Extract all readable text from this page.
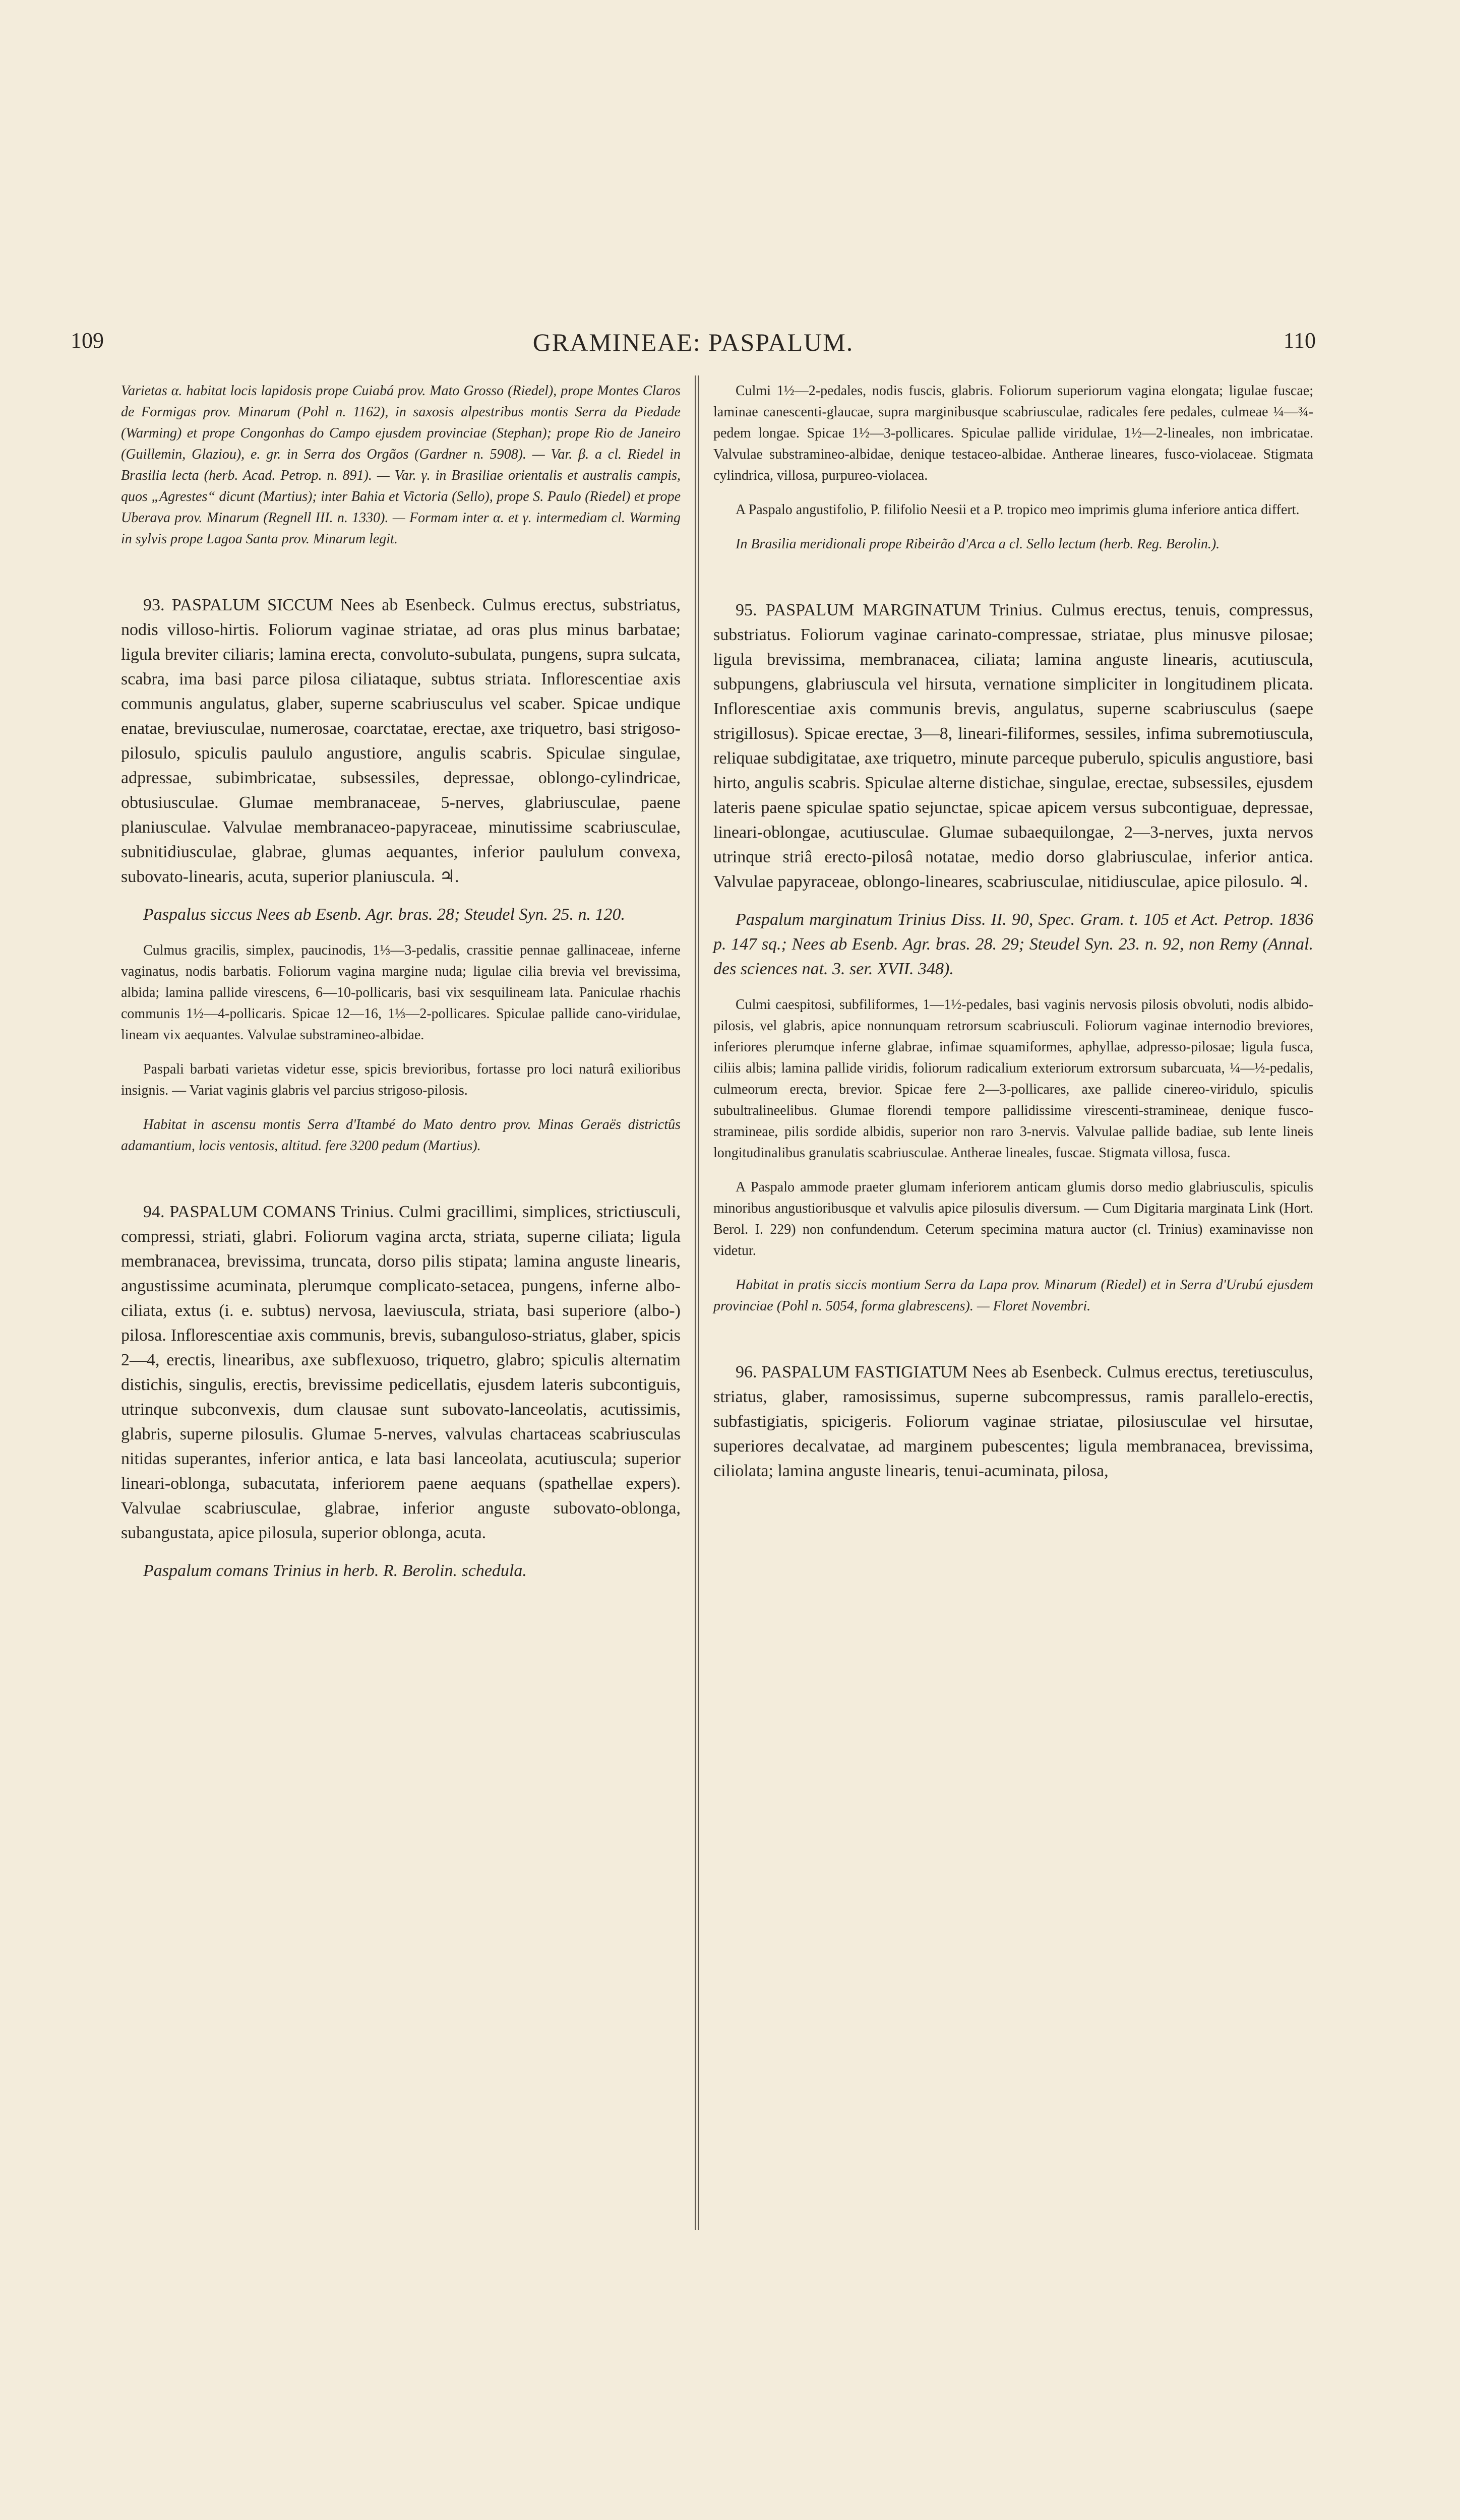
109	GRAMINEAE: PASPALUM.	110

Varietas α. habitat locis lapidosis prope Cuiabá prov. Mato Grosso (Riedel), prope Montes Claros de Formigas prov. Minarum (Pohl n. 1162), in saxosis alpestribus montis Serra da Piedade (Warming) et prope Congonhas do Campo ejusdem provinciae (Stephan); prope Rio de Janeiro (Guillemin, Glaziou), e. gr. in Serra dos Orgãos (Gardner n. 5908). — Var. β. a cl. Riedel in Brasilia lecta (herb. Acad. Petrop. n. 891). — Var. γ. in Brasiliae orientalis et australis campis, quos „Agrestes“ dicunt (Martius); inter Bahia et Victoria (Sello), prope S. Paulo (Riedel) et prope Uberava prov. Minarum (Regnell III. n. 1330). — Formam inter α. et γ. intermediam cl. Warming in sylvis prope Lagoa Santa prov. Minarum legit.

93. PASPALUM SICCUM Nees ab Esenbeck. Culmus erectus, substriatus, nodis villoso-hirtis. Foliorum vaginae striatae, ad oras plus minus barbatae; ligula breviter ciliaris; lamina erecta, convoluto-subulata, pungens, supra sulcata, scabra, ima basi parce pilosa ciliataque, subtus striata. Inflorescentiae axis communis angulatus, glaber, superne scabriusculus vel scaber. Spicae undique enatae, breviusculae, numerosae, coarctatae, erectae, axe triquetro, basi strigoso-pilosulo, spiculis paululo angustiore, angulis scabris. Spiculae singulae, adpressae, subimbricatae, subsessiles, depressae, oblongo-cylindricae, obtusiusculae. Glumae membranaceae, 5-nerves, glabriusculae, paene planiusculae. Valvulae membranaceo-papyraceae, minutissime scabriusculae, subnitidiusculae, glabrae, glumas aequantes, inferior paululum convexa, subovato-linearis, acuta, superior planiuscula. ♃.

Paspalus siccus Nees ab Esenb. Agr. bras. 28; Steudel Syn. 25. n. 120.

Culmus gracilis, simplex, paucinodis, 1⅓—3-pedalis, crassitie pennae gallinaceae, inferne vaginatus, nodis barbatis. Foliorum vagina margine nuda; ligulae cilia brevia vel brevissima, albida; lamina pallide virescens, 6—10-pollicaris, basi vix sesquilineam lata. Paniculae rhachis communis 1½—4-pollicaris. Spicae 12—16, 1⅓—2-pollicares. Spiculae pallide cano-viridulae, lineam vix aequantes. Valvulae substramineo-albidae.

Paspali barbati varietas videtur esse, spicis brevioribus, fortasse pro loci naturâ exilioribus insignis. — Variat vaginis glabris vel parcius strigoso-pilosis.

Habitat in ascensu montis Serra d'Itambé do Mato dentro prov. Minas Geraës districtûs adamantium, locis ventosis, altitud. fere 3200 pedum (Martius).

94. PASPALUM COMANS Trinius. Culmi gracillimi, simplices, strictiusculi, compressi, striati, glabri. Foliorum vagina arcta, striata, superne ciliata; ligula membranacea, brevissima, truncata, dorso pilis stipata; lamina anguste linearis, angustissime acuminata, plerumque complicato-setacea, pungens, inferne albo-ciliata, extus (i. e. subtus) nervosa, laeviuscula, striata, basi superiore (albo-) pilosa. Inflorescentiae axis communis, brevis, subanguloso-striatus, glaber, spicis 2—4, erectis, linearibus, axe subflexuoso, triquetro, glabro; spiculis alternatim distichis, singulis, erectis, brevissime pedicellatis, ejusdem lateris subcontiguis, utrinque subconvexis, dum clausae sunt subovato-lanceolatis, acutissimis, glabris, superne pilosulis. Glumae 5-nerves, valvulas chartaceas scabriusculas nitidas superantes, inferior antica, e lata basi lanceolata, acutiuscula; superior lineari-oblonga, subacutata, inferiorem paene aequans (spathellae expers). Valvulae scabriusculae, glabrae, inferior anguste subovato-oblonga, subangustata, apice pilosula, superior oblonga, acuta.

Paspalum comans Trinius in herb. R. Berolin. schedula.

Culmi 1½—2-pedales, nodis fuscis, glabris. Foliorum superiorum vagina elongata; ligulae fuscae; laminae canescenti-glaucae, supra marginibusque scabriusculae, radicales fere pedales, culmeae ¼—¾-pedem longae. Spicae 1½—3-pollicares. Spiculae pallide viridulae, 1½—2-lineales, non imbricatae. Valvulae substramineo-albidae, denique testaceo-albidae. Antherae lineares, fusco-violaceae. Stigmata cylindrica, villosa, purpureo-violacea.

A Paspalo angustifolio, P. filifolio Neesii et a P. tropico meo imprimis gluma inferiore antica differt.

In Brasilia meridionali prope Ribeirão d'Arca a cl. Sello lectum (herb. Reg. Berolin.).

95. PASPALUM MARGINATUM Trinius. Culmus erectus, tenuis, compressus, substriatus. Foliorum vaginae carinato-compressae, striatae, plus minusve pilosae; ligula brevissima, membranacea, ciliata; lamina anguste linearis, acutiuscula, subpungens, glabriuscula vel hirsuta, vernatione simpliciter in longitudinem plicata. Inflorescentiae axis communis brevis, angulatus, superne scabriusculus (saepe strigillosus). Spicae erectae, 3—8, lineari-filiformes, sessiles, infima subremotiuscula, reliquae subdigitatae, axe triquetro, minute parceque puberulo, spiculis angustiore, basi hirto, angulis scabris. Spiculae alterne distichae, singulae, erectae, subsessiles, ejusdem lateris paene spiculae spatio sejunctae, spicae apicem versus subcontiguae, depressae, lineari-oblongae, acutiusculae. Glumae subaequilongae, 2—3-nerves, juxta nervos utrinque striâ erecto-pilosâ notatae, medio dorso glabriusculae, inferior antica. Valvulae papyraceae, oblongo-lineares, scabriusculae, nitidiusculae, apice pilosulo. ♃.

Paspalum marginatum Trinius Diss. II. 90, Spec. Gram. t. 105 et Act. Petrop. 1836 p. 147 sq.; Nees ab Esenb. Agr. bras. 28. 29; Steudel Syn. 23. n. 92, non Remy (Annal. des sciences nat. 3. ser. XVII. 348).

Culmi caespitosi, subfiliformes, 1—1½-pedales, basi vaginis nervosis pilosis obvoluti, nodis albido-pilosis, vel glabris, apice nonnunquam retrorsum scabriusculi. Foliorum vaginae internodio breviores, inferiores plerumque inferne glabrae, infimae squamiformes, aphyllae, adpresso-pilosae; ligula fusca, ciliis albis; lamina pallide viridis, foliorum radicalium exteriorum extrorsum subarcuata, ¼—½-pedalis, culmeorum erecta, brevior. Spicae fere 2—3-pollicares, axe pallide cinereo-viridulo, spiculis subultralineelibus. Glumae florendi tempore pallidissime virescenti-stramineae, denique fusco-stramineae, pilis sordide albidis, superior non raro 3-nervis. Valvulae pallide badiae, sub lente lineis longitudinalibus granulatis scabriusculae. Antherae lineales, fuscae. Stigmata villosa, fusca.

A Paspalo ammode praeter glumam inferiorem anticam glumis dorso medio glabriusculis, spiculis minoribus angustioribusque et valvulis apice pilosulis diversum. — Cum Digitaria marginata Link (Hort. Berol. I. 229) non confundendum. Ceterum specimina matura auctor (cl. Trinius) examinavisse non videtur.

Habitat in pratis siccis montium Serra da Lapa prov. Minarum (Riedel) et in Serra d'Urubú ejusdem provinciae (Pohl n. 5054, forma glabrescens). — Floret Novembri.

96. PASPALUM FASTIGIATUM Nees ab Esenbeck. Culmus erectus, teretiusculus, striatus, glaber, ramosissimus, superne subcompressus, ramis parallelo-erectis, subfastigiatis, spicigeris. Foliorum vaginae striatae, pilosiusculae vel hirsutae, superiores decalvatae, ad marginem pubescentes; ligula membranacea, brevissima, ciliolata; lamina anguste linearis, tenui-acuminata, pilosa,
